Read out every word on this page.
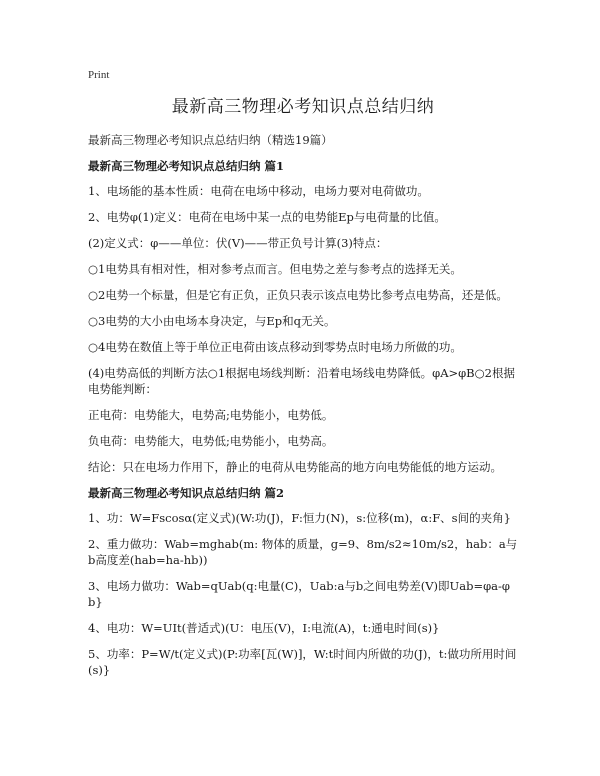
Print
最新高三物理必考知识点总结归纳
最新高三物理必考知识点总结归纳（精选19篇）
最新高三物理必考知识点总结归纳 篇1
1、电场能的基本性质：电荷在电场中移动，电场力要对电荷做功。
2、电势φ(1)定义：电荷在电场中某一点的电势能Ep与电荷量的比值。
(2)定义式：φ——单位：伏(V)——带正负号计算(3)特点：
○1电势具有相对性，相对参考点而言。但电势之差与参考点的选择无关。
○2电势一个标量，但是它有正负，正负只表示该点电势比参考点电势高，还是低。
○3电势的大小由电场本身决定，与Ep和q无关。
○4电势在数值上等于单位正电荷由该点移动到零势点时电场力所做的功。
(4)电势高低的判断方法○1根据电场线判断：沿着电场线电势降低。φA>φB○2根据电势能判断：
正电荷：电势能大，电势高;电势能小，电势低。
负电荷：电势能大，电势低;电势能小，电势高。
结论：只在电场力作用下，静止的电荷从电势能高的地方向电势能低的地方运动。
最新高三物理必考知识点总结归纳 篇2
1、功：W=Fscosα(定义式)(W:功(J)，F:恒力(N)，s:位移(m)，α:F、s间的夹角}
2、重力做功：Wab=mghab(m: 物体的质量，g=9、8m/s2≈10m/s2，hab：a与b高度差(hab=ha-hb))
3、电场力做功：Wab=qUab(q:电量(C)，Uab:a与b之间电势差(V)即Uab=φa-φb}
4、电功：W=UIt(普适式)(U：电压(V)，I:电流(A)，t:通电时间(s)}
5、功率：P=W/t(定义式)(P:功率[瓦(W)]，W:t时间内所做的功(J)，t:做功所用时间(s)}
